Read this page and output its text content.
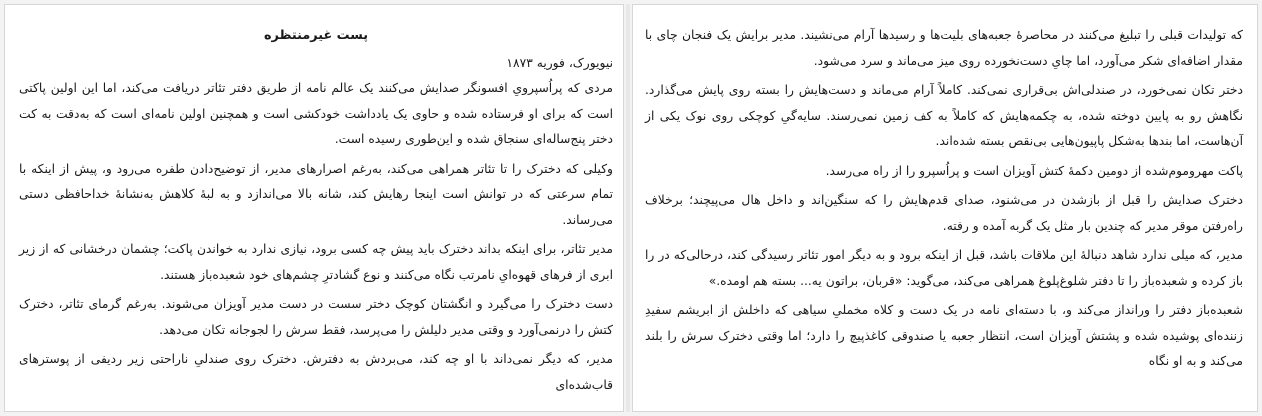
پست غیرمنتظره

نیویورک، فوریه ۱۸۷۳

مردی که پراُسپرویِ افسونگر صدایش می‌کنند یک عالم نامه از طریق دفتر تئاتر دریافت می‌کند، اما این اولین پاکتی است که برای او فرستاده شده و حاوی یک یادداشت خودکشی است و همچنین اولین نامه‌ای است که به‌دقت به کت دختر پنج‌ساله‌ای سنجاق شده و این‌طوری رسیده است.

وکیلی که دخترک را تا تئاتر همراهی می‌کند، به‌رغم اصرارهای مدیر، از توضیح‌دادن طفره می‌رود و، پیش از اینکه با تمام سرعتی که در توانش است اینجا رهایش کند، شانه بالا می‌اندازد و به لبهٔ کلاهش به‌نشانهٔ خداحافظی دستی می‌رساند.

مدیر تئاتر، برای اینکه بداند دخترک باید پیش چه کسی برود، نیازی ندارد به خواندن پاکت؛ چشمان درخشانی که از زیر ابری از فرهای قهوه‌ایِ نامرتب نگاه می‌کنند و نوع گشادترِ چشم‌های خود شعبده‌باز هستند.

دست دخترک را می‌گیرد و انگشتان کوچک دختر سست در دست مدیر آویزان می‌شوند. به‌رغم گرمای تئاتر، دخترک کتش را درنمی‌آورد و وقتی مدیر دلیلش را می‌پرسد، فقط سرش را لجوجانه تکان می‌دهد.

مدیر، که دیگر نمی‌داند با او چه کند، می‌بردش به دفترش. دخترک روی صندلیِ ناراحتی زیر ردیفی از پوسترهای قاب‌شده‌ای

که تولیدات قبلی را تبلیغ می‌کنند در محاصرهٔ جعبه‌های بلیت‌ها و رسیدها آرام می‌نشیند. مدیر برایش یک فنجان چای با مقدار اضافه‌ای شکر می‌آورد، اما چایِ دست‌نخورده روی میز می‌ماند و سرد می‌شود.

دختر تکان نمی‌خورد، در صندلی‌اش بی‌قراری نمی‌کند. کاملاً آرام می‌ماند و دست‌هایش را بسته روی پایش می‌گذارد. نگاهش رو به پایین دوخته شده، به چکمه‌هایش که کاملاً به کف زمین نمی‌رسند. سایه‌گیِ کوچکی روی نوک یکی از آن‌هاست، اما بندها به‌شکل پاپیون‌هایی بی‌نقص بسته شده‌اند.

پاکت مهروموم‌شده از دومین دکمهٔ کتش آویزان است و پراُسپرو را از راه می‌رسد.

دخترک صدایش را قبل از بازشدن در می‌شنود، صدای قدم‌هایش را که سنگین‌اند و داخل هال می‌پیچند؛ برخلاف راه‌رفتن موقر مدیر که چندین بار مثل یک گربه آمده و رفته.

مدیر، که میلی ندارد شاهد دنبالهٔ این ملاقات باشد، قبل از اینکه برود و به دیگر امور تئاتر رسیدگی کند، درحالی‌که در را باز کرده و شعبده‌باز را تا دفتر شلوغ‌پلوغ همراهی می‌کند، می‌گوید: «قربان، براتون یه... بسته هم اومده.»

شعبده‌باز دفتر را ورانداز می‌کند و، با دسته‌ای نامه در یک دست و کلاه مخملیِ سیاهی که داخلش از ابریشم سفیدِ زننده‌ای پوشیده شده و پشتش آویزان است، انتظار جعبه یا صندوقی کاغذپیچ را دارد؛ اما وقتی دخترک سرش را بلند می‌کند و به او نگاه
